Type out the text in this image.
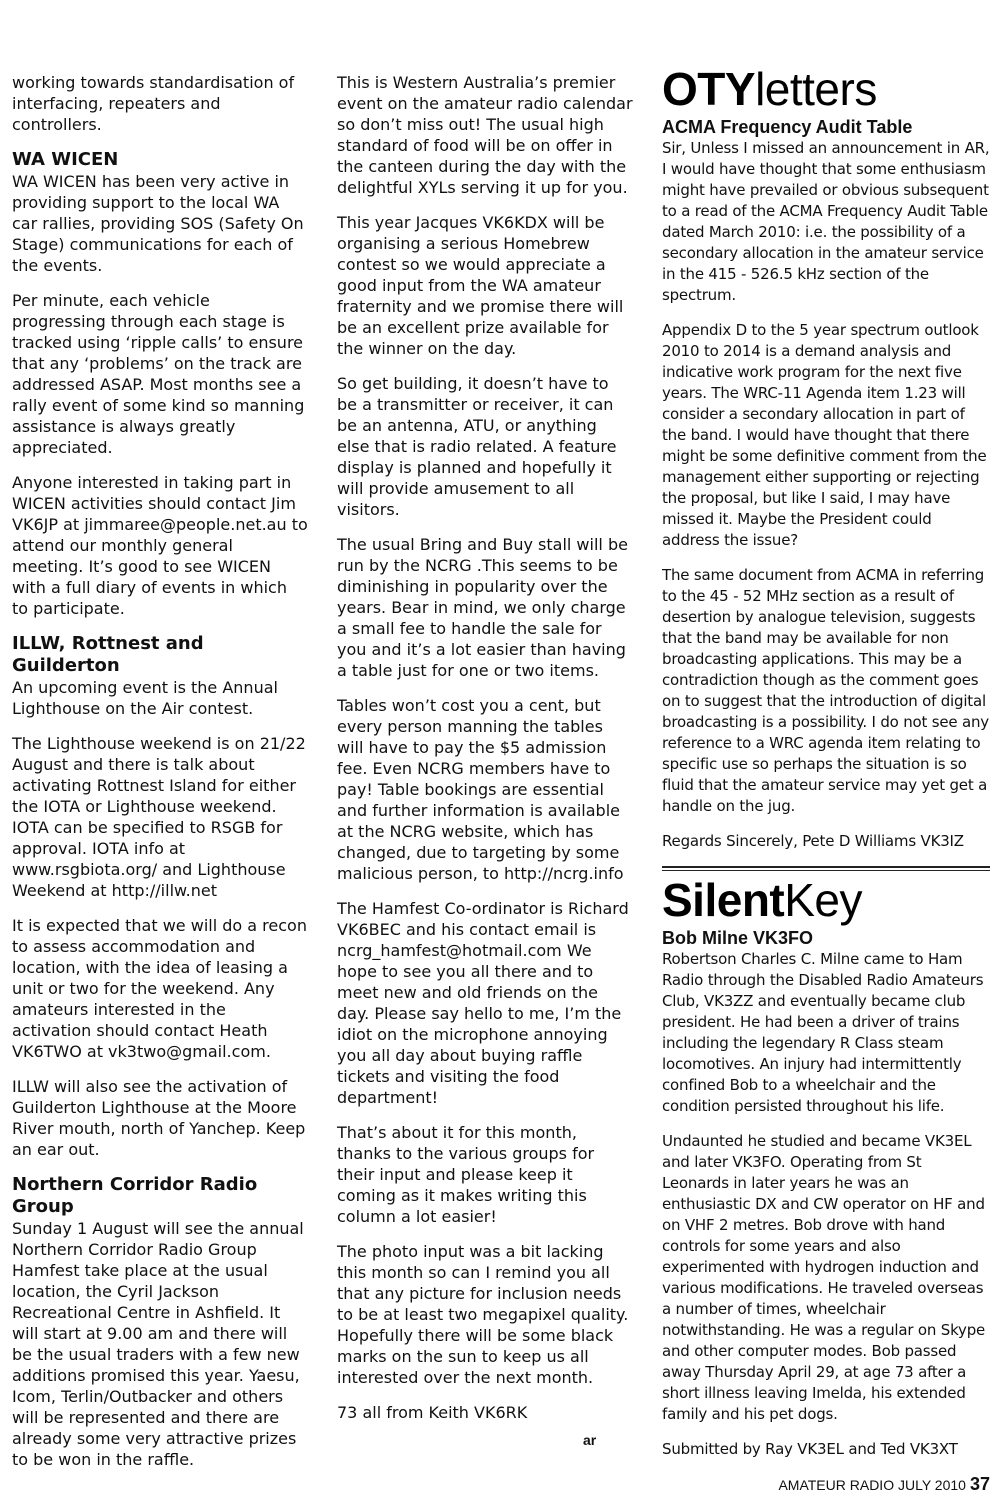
working towards standardisation of interfacing, repeaters and controllers.

WA WICEN

WA WICEN has been very active in providing support to the local WA car rallies, providing SOS (Safety On Stage) communications for each of the events.

Per minute, each vehicle progressing through each stage is tracked using ‘ripple calls’ to ensure that any ‘problems’ on the track are addressed ASAP. Most months see a rally event of some kind so manning assistance is always greatly appreciated.

Anyone interested in taking part in WICEN activities should contact Jim VK6JP at jimmaree@people.net.au to attend our monthly general meeting. It’s good to see WICEN with a full diary of events in which to participate.

ILLW, Rottnest and Guilderton

An upcoming event is the Annual Lighthouse on the Air contest.

The Lighthouse weekend is on 21/22 August and there is talk about activating Rottnest Island for either the IOTA or Lighthouse weekend. IOTA can be specified to RSGB for approval. IOTA info at www.rsgbiota.org/ and Lighthouse Weekend at http://illw.net

It is expected that we will do a recon to assess accommodation and location, with the idea of leasing a unit or two for the weekend. Any amateurs interested in the activation should contact Heath VK6TWO at vk3two@gmail.com.

ILLW will also see the activation of Guilderton Lighthouse at the Moore River mouth, north of Yanchep. Keep an ear out.

Northern Corridor Radio Group

Sunday 1 August will see the annual Northern Corridor Radio Group Hamfest take place at the usual location, the Cyril Jackson Recreational Centre in Ashfield. It will start at 9.00 am and there will be the usual traders with a few new additions promised this year. Yaesu, Icom, Terlin/Outbacker and others will be represented and there are already some very attractive prizes to be won in the raffle.

This is Western Australia’s premier event on the amateur radio calendar so don’t miss out! The usual high standard of food will be on offer in the canteen during the day with the delightful XYLs serving it up for you.

This year Jacques VK6KDX will be organising a serious Homebrew contest so we would appreciate a good input from the WA amateur fraternity and we promise there will be an excellent prize available for the winner on the day.

So get building, it doesn’t have to be a transmitter or receiver, it can be an antenna, ATU, or anything else that is radio related. A feature display is planned and hopefully it will provide amusement to all visitors.

The usual Bring and Buy stall will be run by the NCRG .This seems to be diminishing in popularity over the years. Bear in mind, we only charge a small fee to handle the sale for you and it’s a lot easier than having a table just for one or two items.

Tables won’t cost you a cent, but every person manning the tables will have to pay the $5 admission fee. Even NCRG members have to pay! Table bookings are essential and further information is available at the NCRG website, which has changed, due to targeting by some malicious person, to http://ncrg.info

The Hamfest Co-ordinator is Richard VK6BEC and his contact email is ncrg_hamfest@hotmail.com We hope to see you all there and to meet new and old friends on the day. Please say hello to me, I’m the idiot on the microphone annoying you all day about buying raffle tickets and visiting the food department!

That’s about it for this month, thanks to the various groups for their input and please keep it coming as it makes writing this column a lot easier!

The photo input was a bit lacking this month so can I remind you all that any picture for inclusion needs to be at least two megapixel quality. Hopefully there will be some black marks on the sun to keep us all interested over the next month.

73 all from Keith VK6RK

ar
OTYletters
ACMA Frequency Audit Table

Sir, Unless I missed an announcement in AR, I would have thought that some enthusiasm might have prevailed or obvious subsequent to a read of the ACMA Frequency Audit Table dated March 2010: i.e. the possibility of a secondary allocation in the amateur service in the 415 - 526.5 kHz section of the spectrum.

Appendix D to the 5 year spectrum outlook 2010 to 2014 is a demand analysis and indicative work program for the next five years. The WRC-11 Agenda item 1.23 will consider a secondary allocation in part of the band. I would have thought that there might be some definitive comment from the management either supporting or rejecting the proposal, but like I said, I may have missed it. Maybe the President could address the issue?

The same document from ACMA in referring to the 45 - 52 MHz section as a result of desertion by analogue television, suggests that the band may be available for non broadcasting applications. This may be a contradiction though as the comment goes on to suggest that the introduction of digital broadcasting is a possibility. I do not see any reference to a WRC agenda item relating to specific use so perhaps the situation is so fluid that the amateur service may yet get a handle on the jug.

Regards Sincerely, Pete D Williams VK3IZ

SilentKey
Bob Milne VK3FO

Robertson Charles C. Milne came to Ham Radio through the Disabled Radio Amateurs Club, VK3ZZ and eventually became club president. He had been a driver of trains including the legendary R Class steam locomotives. An injury had intermittently confined Bob to a wheelchair and the condition persisted throughout his life.

Undaunted he studied and became VK3EL and later VK3FO. Operating from St Leonards in later years he was an enthusiastic DX and CW operator on HF and on VHF 2 metres. Bob drove with hand controls for some years and also experimented with hydrogen induction and various modifications. He traveled overseas a number of times, wheelchair notwithstanding. He was a regular on Skype and other computer modes. Bob passed away Thursday April 29, at age 73 after a short illness leaving Imelda, his extended family and his pet dogs.

Submitted by Ray VK3EL and Ted VK3XT

AMATEUR RADIO JULY 2010 37
